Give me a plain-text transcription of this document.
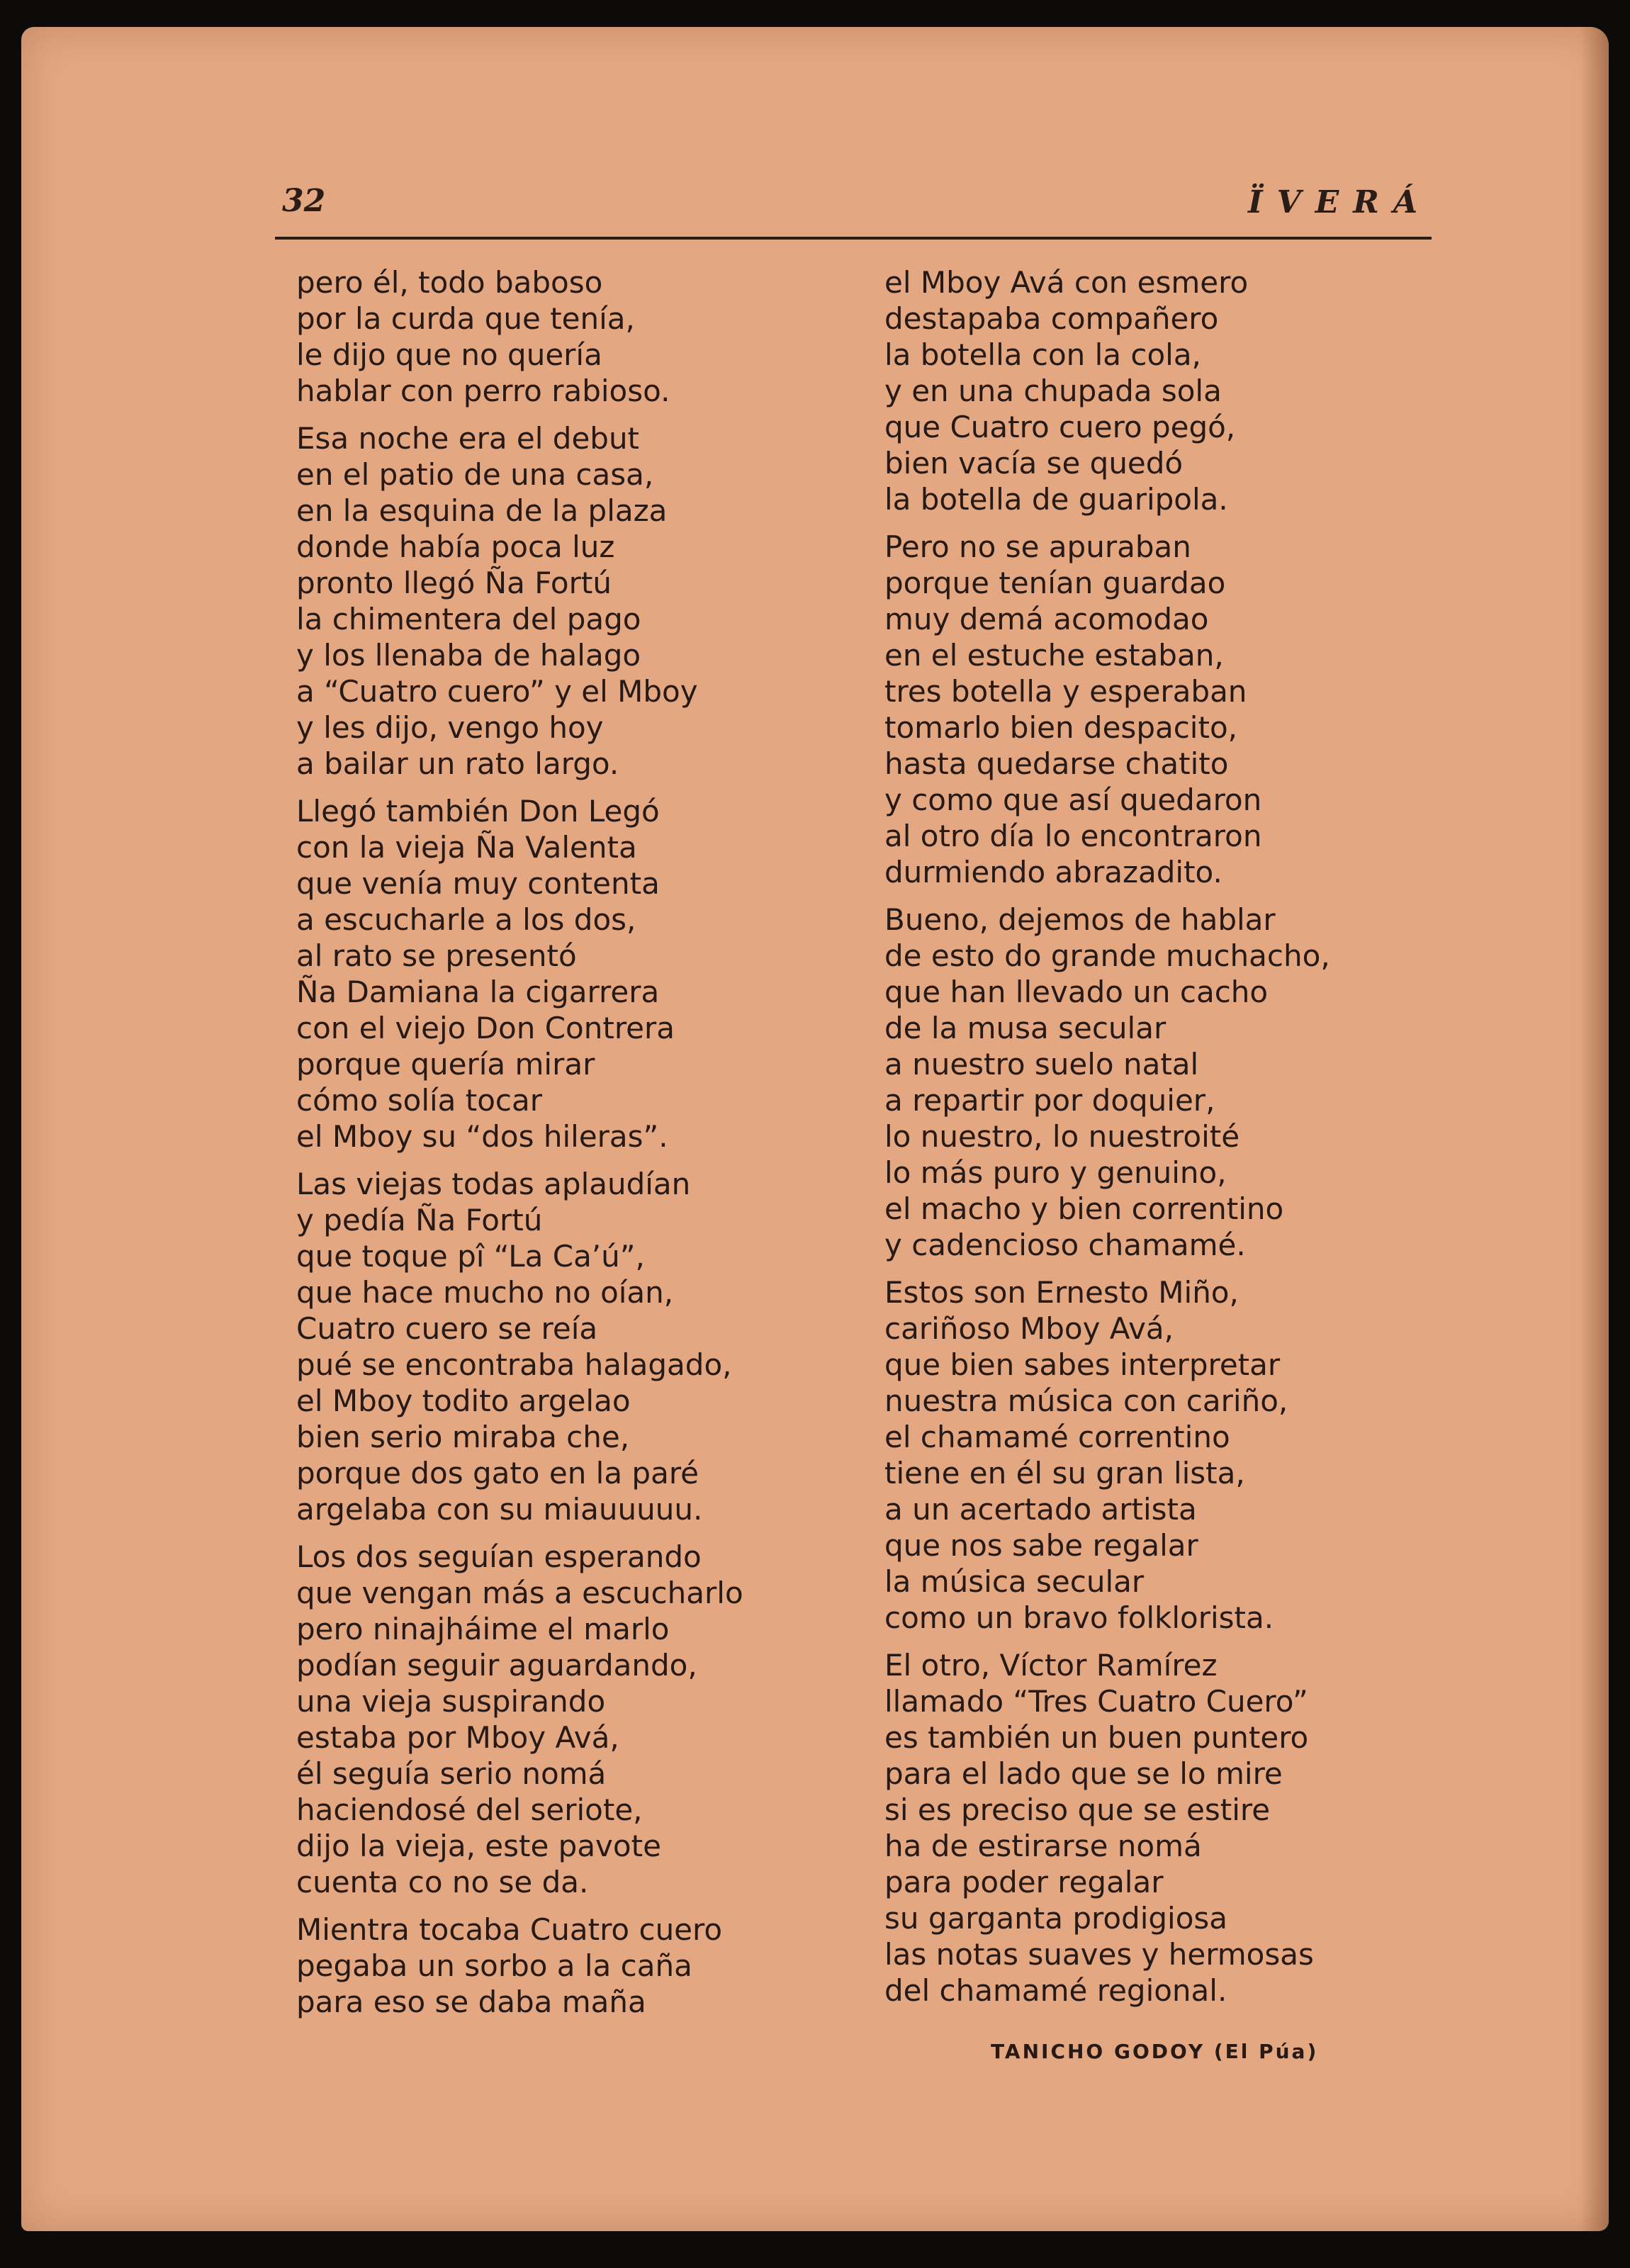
32	ÏVERÁ

pero él, todo baboso
por la curda que tenía,
le dijo que no quería
hablar con perro rabioso.
Esa noche era el debut
en el patio de una casa,
en la esquina de la plaza
donde había poca luz
pronto llegó Ña Fortú
la chimentera del pago
y los llenaba de halago
a “Cuatro cuero” y el Mboy
y les dijo, vengo hoy
a bailar un rato largo.
Llegó también Don Legó
con la vieja Ña Valenta
que venía muy contenta
a escucharle a los dos,
al rato se presentó
Ña Damiana la cigarrera
con el viejo Don Contrera
porque quería mirar
cómo solía tocar
el Mboy su “dos hileras”.
Las viejas todas aplaudían
y pedía Ña Fortú
que toque pî “La Ca’ú”,
que hace mucho no oían,
Cuatro cuero se reía
pué se encontraba halagado,
el Mboy todito argelao
bien serio miraba che,
porque dos gato en la paré
argelaba con su miauuuuu.
Los dos seguían esperando
que vengan más a escucharlo
pero ninajháime el marlo
podían seguir aguardando,
una vieja suspirando
estaba por Mboy Avá,
él seguía serio nomá
haciendosé del seriote,
dijo la vieja, este pavote
cuenta co no se da.
Mientra tocaba Cuatro cuero
pegaba un sorbo a la caña
para eso se daba maña
el Mboy Avá con esmero
destapaba compañero
la botella con la cola,
y en una chupada sola
que Cuatro cuero pegó,
bien vacía se quedó
la botella de guaripola.
Pero no se apuraban
porque tenían guardao
muy demá acomodao
en el estuche estaban,
tres botella y esperaban
tomarlo bien despacito,
hasta quedarse chatito
y como que así quedaron
al otro día lo encontraron
durmiendo abrazadito.
Bueno, dejemos de hablar
de esto do grande muchacho,
que han llevado un cacho
de la musa secular
a nuestro suelo natal
a repartir por doquier,
lo nuestro, lo nuestroité
lo más puro y genuino,
el macho y bien correntino
y cadencioso chamamé.
Estos son Ernesto Miño,
cariñoso Mboy Avá,
que bien sabes interpretar
nuestra música con cariño,
el chamamé correntino
tiene en él su gran lista,
a un acertado artista
que nos sabe regalar
la música secular
como un bravo folklorista.
El otro, Víctor Ramírez
llamado “Tres Cuatro Cuero”
es también un buen puntero
para el lado que se lo mire
si es preciso que se estire
ha de estirarse nomá
para poder regalar
su garganta prodigiosa
las notas suaves y hermosas
del chamamé regional.
TANICHO GODOY (El Púa)
